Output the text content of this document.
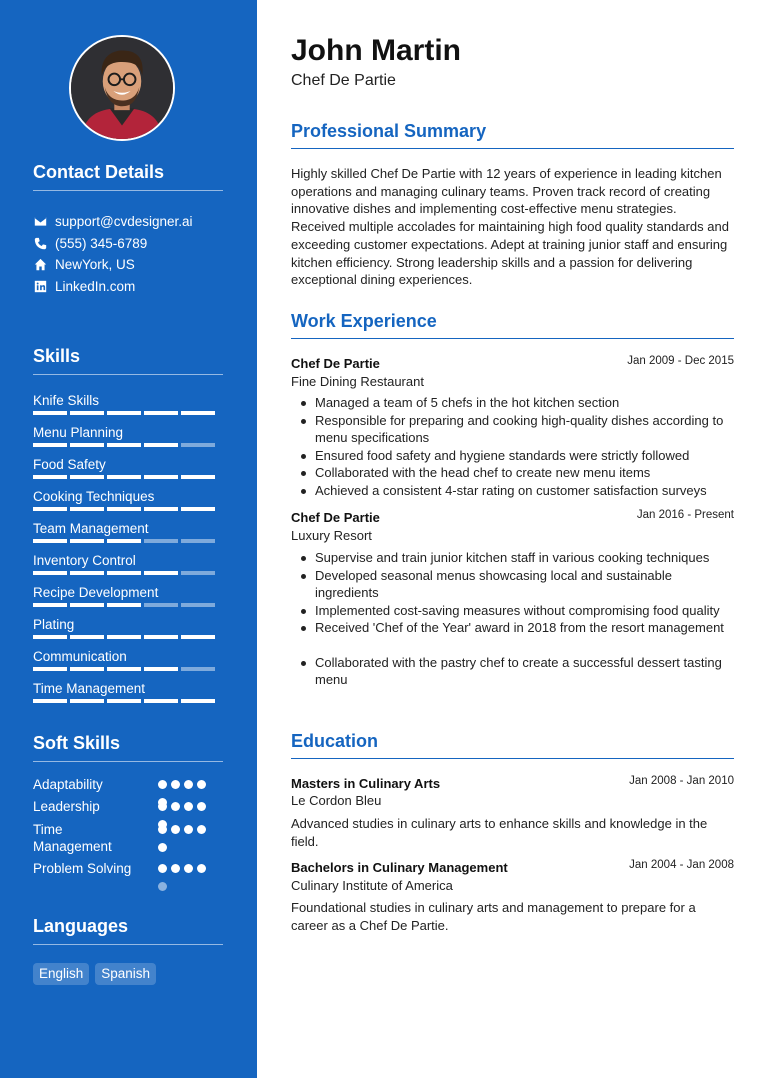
Contact Details
support@cvdesigner.ai
(555) 345-6789
NewYork, US
LinkedIn.com
Skills
Knife Skills
Menu Planning
Food Safety
Cooking Techniques
Team Management
Inventory Control
Recipe Development
Plating
Communication
Time Management
Soft Skills
Adaptability
Leadership
Time Management
Problem Solving
Languages
English	Spanish
John Martin
Chef De Partie
Professional Summary
Highly skilled Chef De Partie with 12 years of experience in leading kitchen operations and managing culinary teams. Proven track record of creating innovative dishes and implementing cost-effective menu strategies. Received multiple accolades for maintaining high food quality standards and exceeding customer expectations. Adept at training junior staff and ensuring kitchen efficiency. Strong leadership skills and a passion for delivering exceptional dining experiences.
Work Experience
Chef De Partie	Jan 2009 - Dec 2015
Fine Dining Restaurant
Managed a team of 5 chefs in the hot kitchen section
Responsible for preparing and cooking high-quality dishes according to menu specifications
Ensured food safety and hygiene standards were strictly followed
Collaborated with the head chef to create new menu items
Achieved a consistent 4-star rating on customer satisfaction surveys
Chef De Partie	Jan 2016 - Present
Luxury Resort
Supervise and train junior kitchen staff in various cooking techniques
Developed seasonal menus showcasing local and sustainable ingredients
Implemented cost-saving measures without compromising food quality
Received 'Chef of the Year' award in 2018 from the resort management
Collaborated with the pastry chef to create a successful dessert tasting menu
Education
Masters in Culinary Arts	Jan 2008 - Jan 2010
Le Cordon Bleu
Advanced studies in culinary arts to enhance skills and knowledge in the field.
Bachelors in Culinary Management	Jan 2004 - Jan 2008
Culinary Institute of America
Foundational studies in culinary arts and management to prepare for a career as a Chef De Partie.
